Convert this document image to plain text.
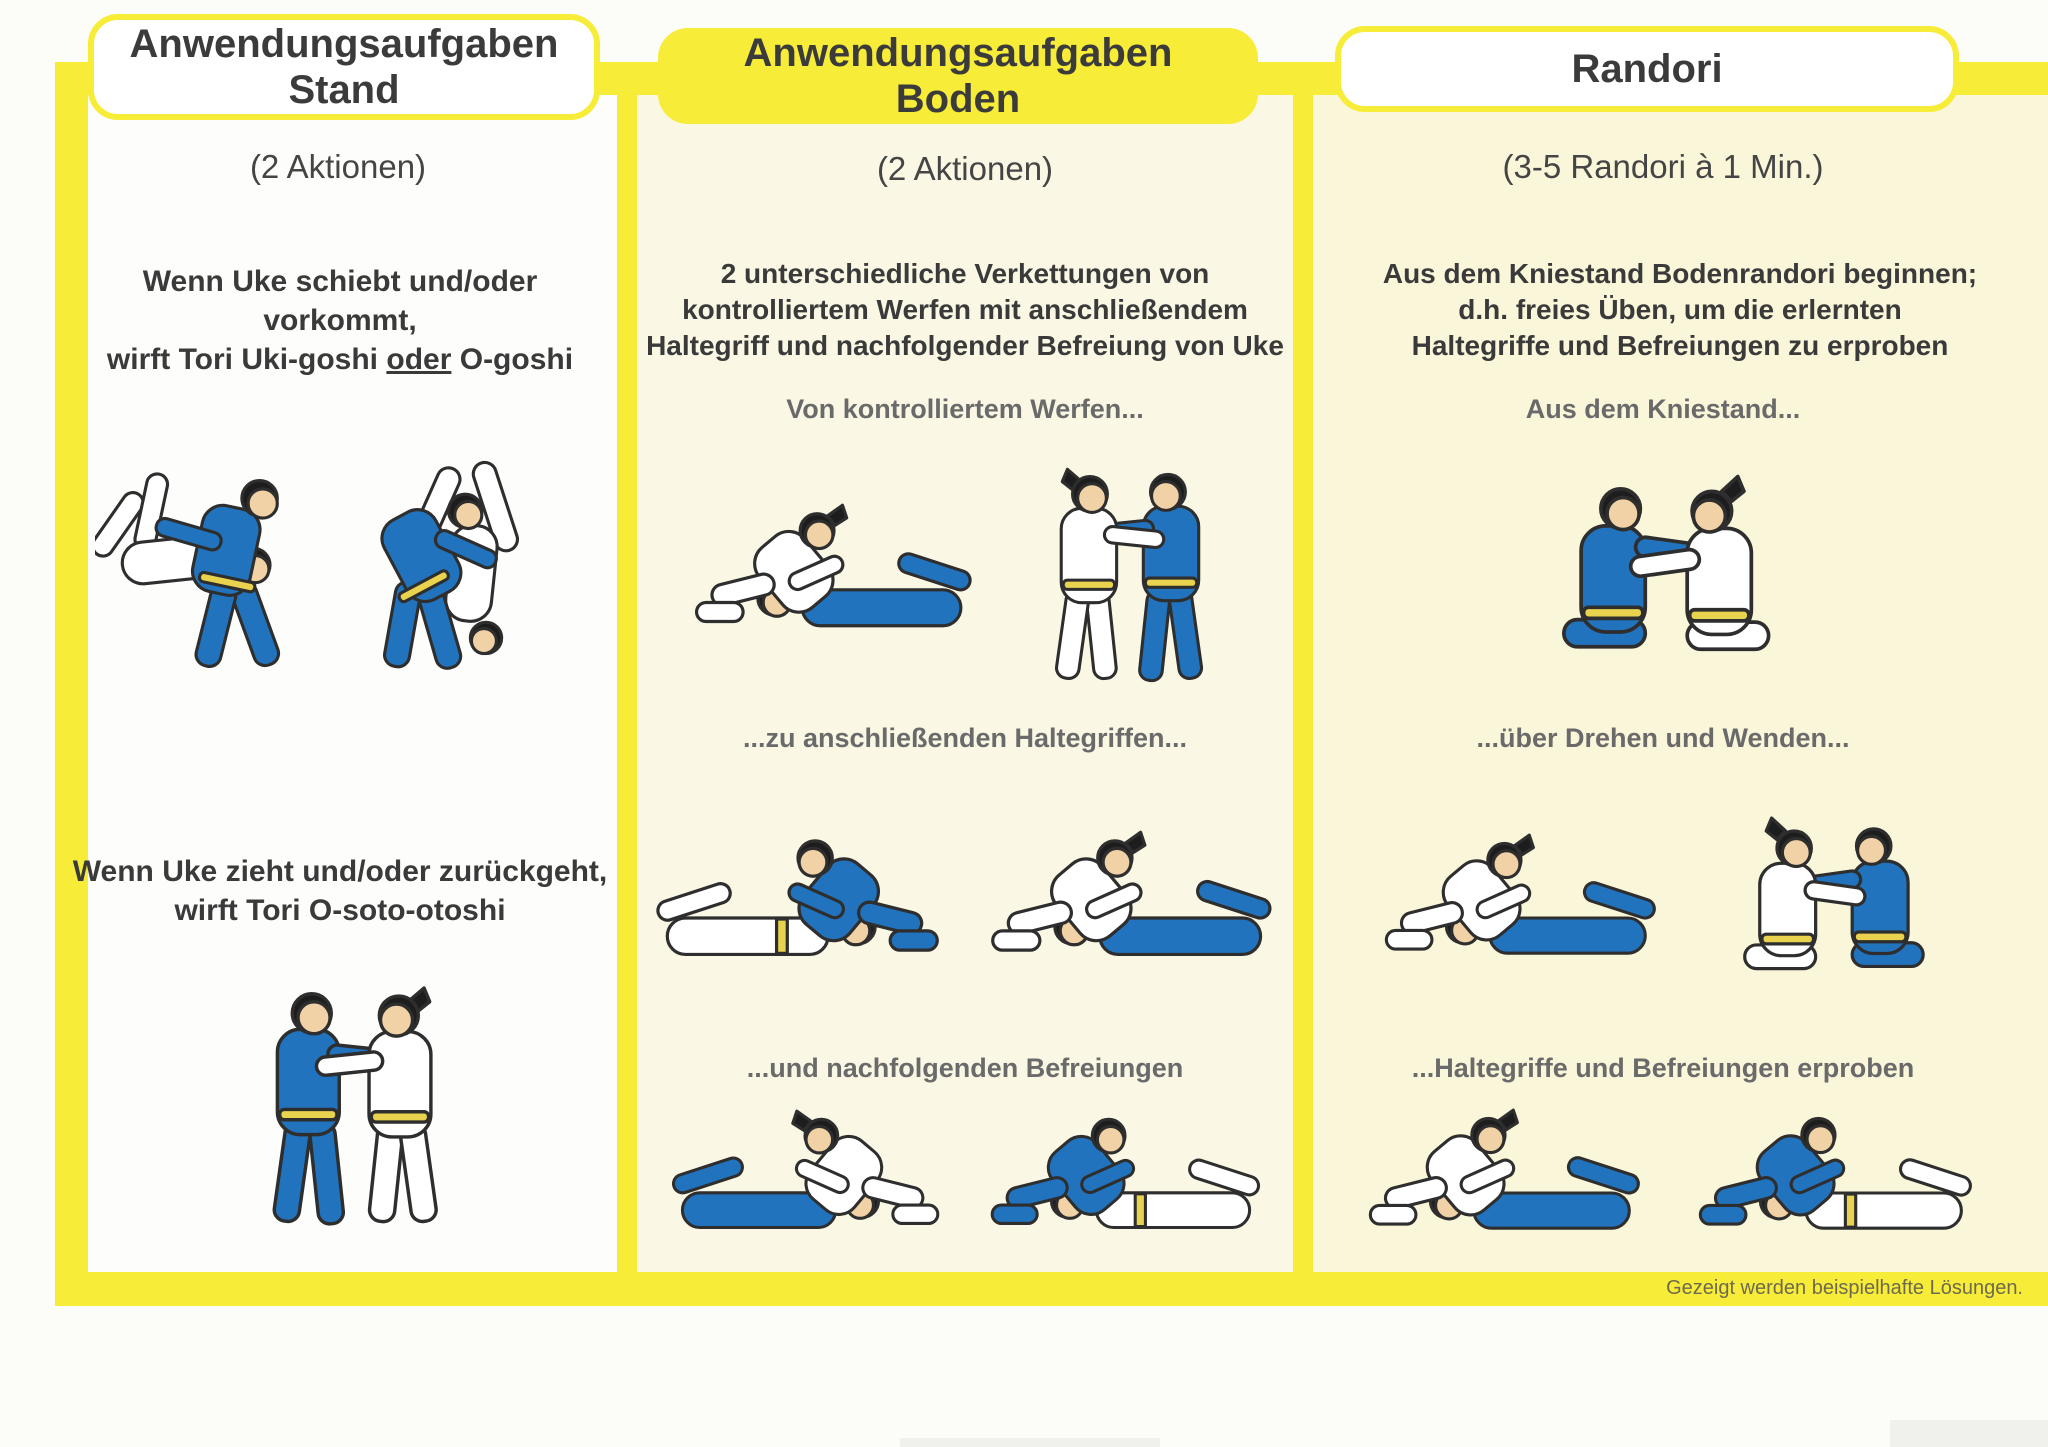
Anwendungsaufgaben
Stand
(2 Aktionen)
Wenn Uke schiebt und/oder vorkommt,
wirft Tori Uki-goshi oder O-goshi
Wenn Uke zieht und/oder zurückgeht,
wirft Tori O-soto-otoshi
Anwendungsaufgaben
Boden
(2 Aktionen)
2 unterschiedliche Verkettungen von
kontrolliertem Werfen mit anschließendem
Haltegriff und nachfolgender Befreiung von Uke
Von kontrolliertem Werfen...
...zu anschließenden Haltegriffen...
...und nachfolgenden Befreiungen
Randori
(3-5 Randori à 1 Min.)
Aus dem Kniestand Bodenrandori beginnen;
d.h. freies Üben, um die erlernten
Haltegriffe und Befreiungen zu erproben
Aus dem Kniestand...
...über Drehen und Wenden...
...Haltegriffe und Befreiungen erproben
Gezeigt werden beispielhafte Lösungen.
